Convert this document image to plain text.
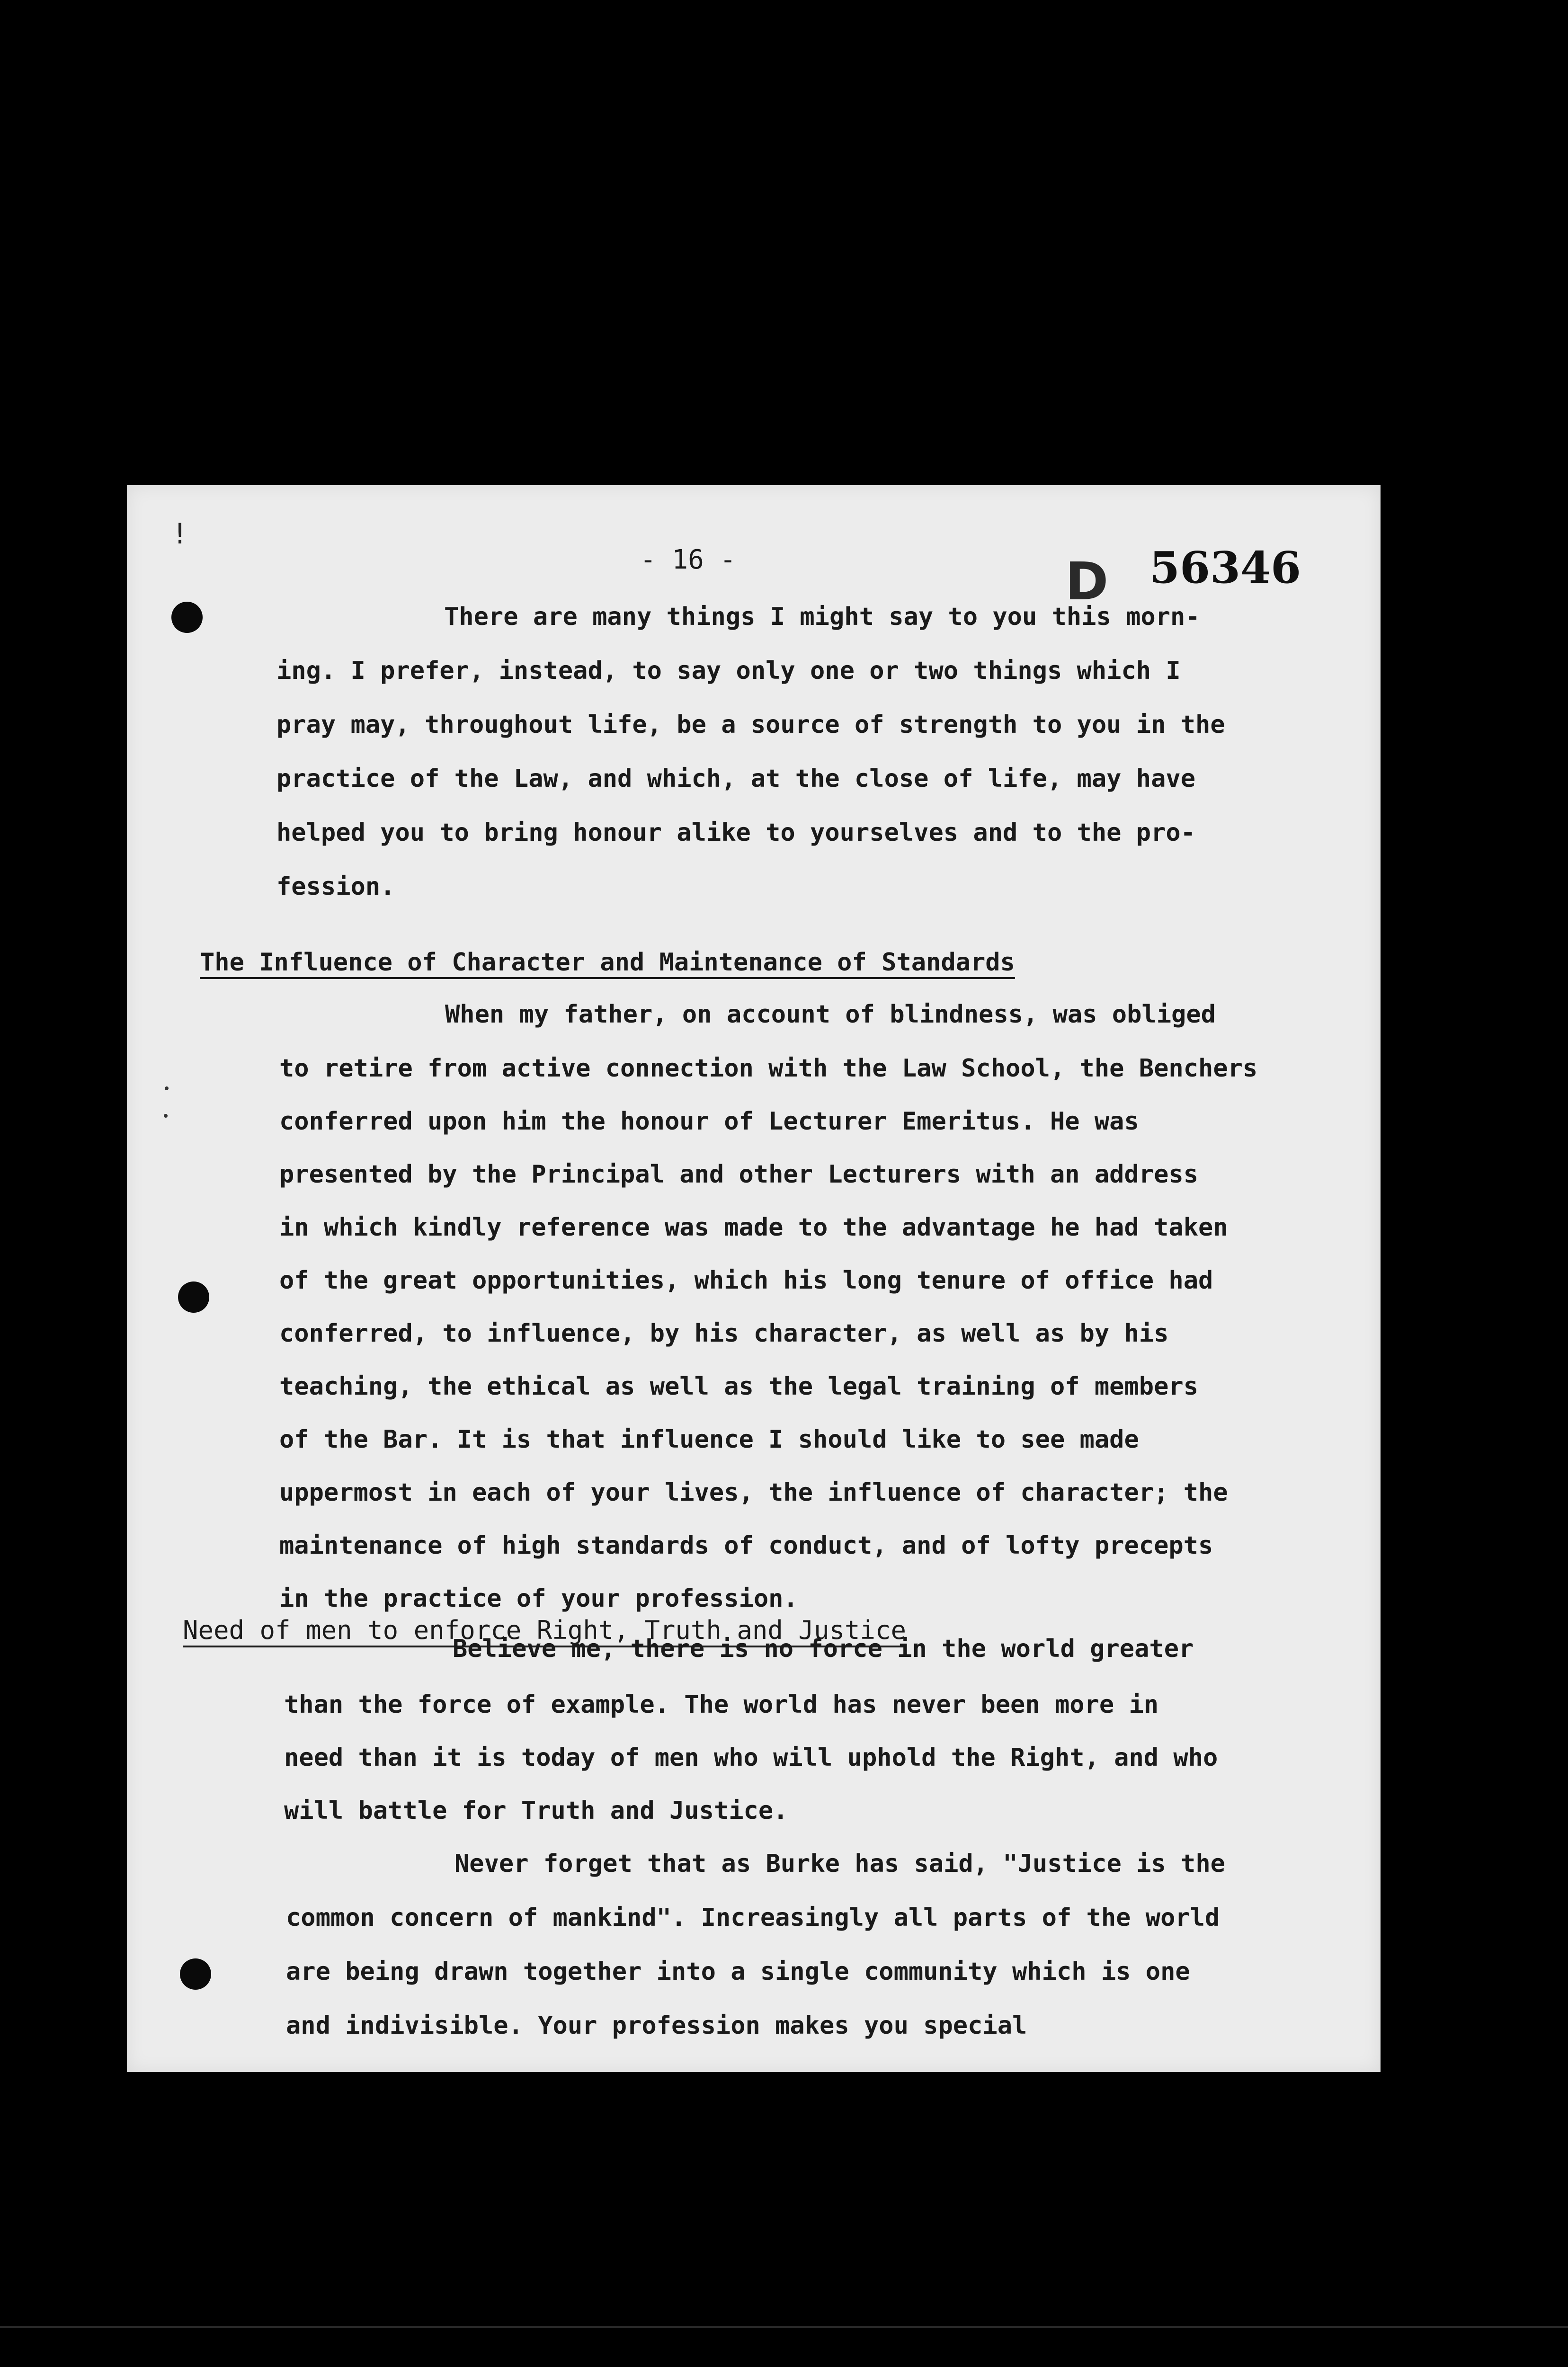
!
- 16 -	D 56346
There are many things I might say to you this morn-
ing. I prefer, instead, to say only one or two things which I
pray may, throughout life, be a source of strength to you in the
practice of the Law, and which, at the close of life, may have
helped you to bring honour alike to yourselves and to the pro-
fession.
The Influence of Character and Maintenance of Standards
When my father, on account of blindness, was obliged
to retire from active connection with the Law School, the Benchers
conferred upon him the honour of Lecturer Emeritus. He was
presented by the Principal and other Lecturers with an address
in which kindly reference was made to the advantage he had taken
of the great opportunities, which his long tenure of office had
conferred, to influence, by his character, as well as by his
teaching, the ethical as well as the legal training of members
of the Bar. It is that influence I should like to see made
uppermost in each of your lives, the influence of character; the
maintenance of high standards of conduct, and of lofty precepts
in the practice of your profession.
Need of men to enforce Right, Truth and Justice
Believe me, there is no force in the world greater
than the force of example. The world has never been more in
need than it is today of men who will uphold the Right, and who
will battle for Truth and Justice.
Never forget that as Burke has said, "Justice is the
common concern of mankind". Increasingly all parts of the world
are being drawn together into a single community which is one
and indivisible. Your profession makes you special
